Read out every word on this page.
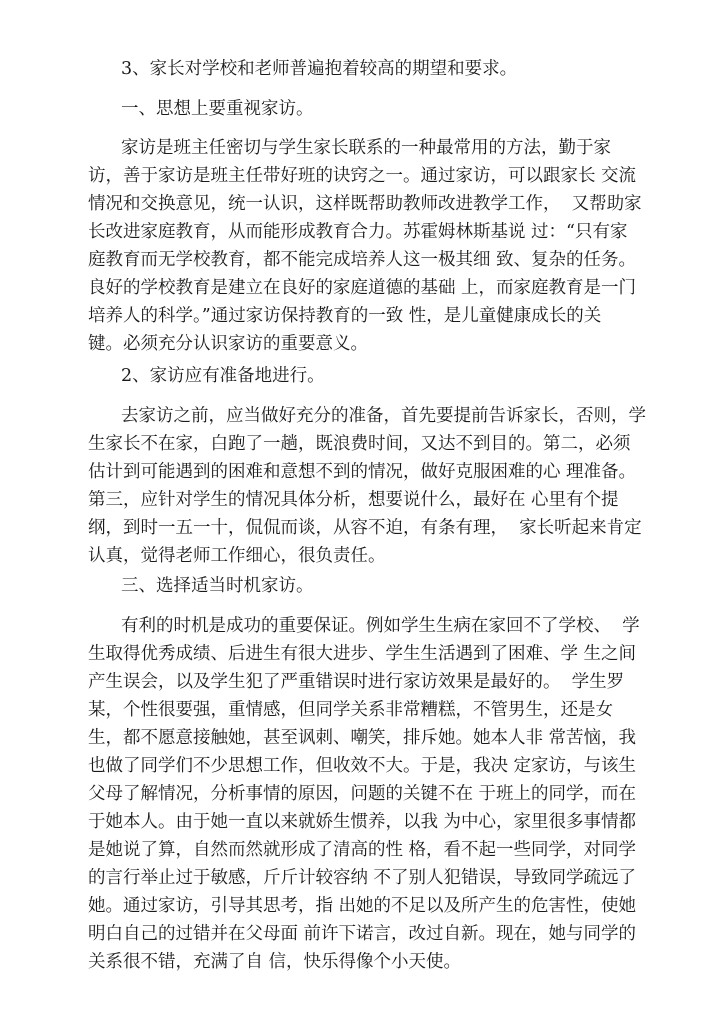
3、家长对学校和老师普遍抱着较高的期望和要求。

一、思想上要重视家访。

家访是班主任密切与学生家长联系的一种最常用的方法，勤于家
访，善于家访是班主任带好班的诀窍之一。通过家访，可以跟家长 交流
情况和交换意见，统一认识，这样既帮助教师改进教学工作，  又帮助家
长改进家庭教育，从而能形成教育合力。苏霍姆林斯基说 过：“只有家
庭教育而无学校教育，都不能完成培养人这一极其细 致、复杂的任务。
良好的学校教育是建立在良好的家庭道德的基础 上，而家庭教育是一门
培养人的科学。”通过家访保持教育的一致 性，是儿童健康成长的关
键。必须充分认识家访的重要意义。

2、家访应有准备地进行。

去家访之前，应当做好充分的准备，首先要提前告诉家长，否则，学
生家长不在家，白跑了一趟，既浪费时间，又达不到目的。第二，必须
估计到可能遇到的困难和意想不到的情况，做好克服困难的心 理准备。
第三，应针对学生的情况具体分析，想要说什么，最好在 心里有个提
纲，到时一五一十，侃侃而谈，从容不迫，有条有理，  家长听起来肯定
认真，觉得老师工作细心，很负责任。

三、选择适当时机家访。

有利的时机是成功的重要保证。例如学生生病在家回不了学校、  学
生取得优秀成绩、后进生有很大进步、学生生活遇到了困难、学 生之间
产生误会，以及学生犯了严重错误时进行家访效果是最好的。  学生罗
某，个性很要强，重情感，但同学关系非常糟糕，不管男生，还是女
生，都不愿意接触她，甚至讽刺、嘲笑，排斥她。她本人非 常苦恼，我
也做了同学们不少思想工作，但收效不大。于是，我决 定家访，与该生
父母了解情况，分析事情的原因，问题的关键不在 于班上的同学，而在
于她本人。由于她一直以来就娇生惯养，以我 为中心，家里很多事情都
是她说了算，自然而然就形成了清高的性 格，看不起一些同学，对同学
的言行举止过于敏感，斤斤计较容纳 不了别人犯错误，导致同学疏远了
她。通过家访，引导其思考，指 出她的不足以及所产生的危害性，使她
明白自己的过错并在父母面 前许下诺言，改过自新。现在，她与同学的
关系很不错，充满了自 信，快乐得像个小天使。
